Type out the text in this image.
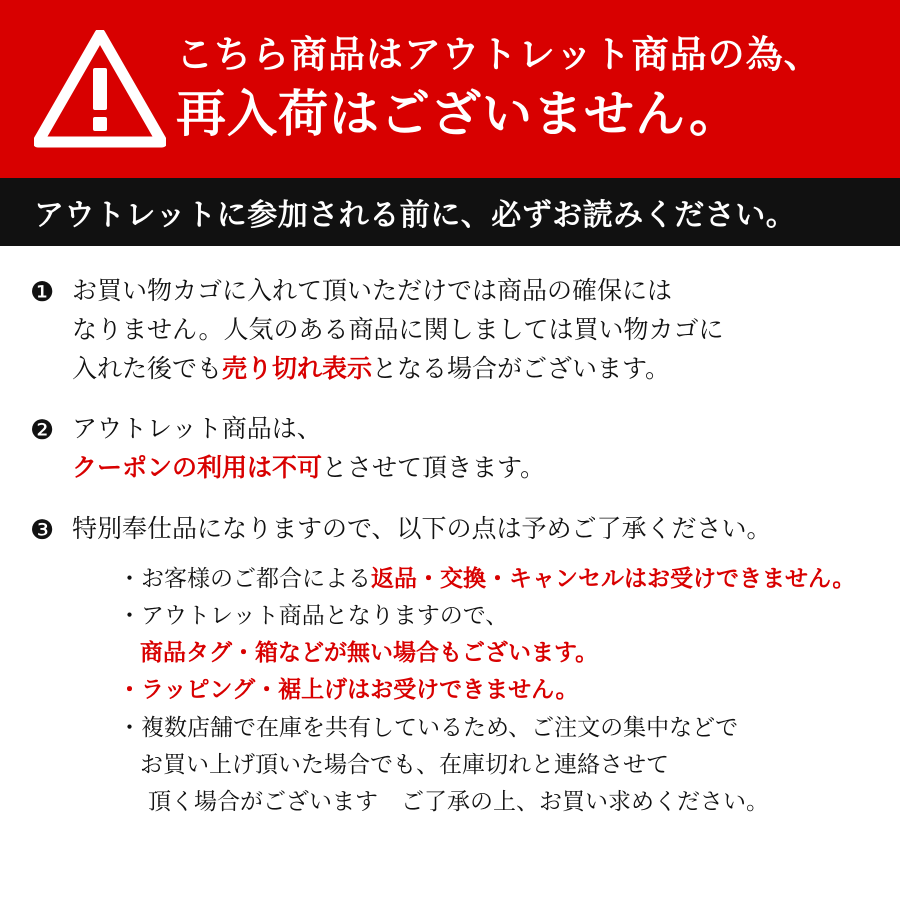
こちら商品はアウトレット商品の為、
再入荷はございません。
アウトレットに参加される前に、必ずお読みください。
❶ お買い物カゴに入れて頂いただけでは商品の確保には

なりません。人気のある商品に関しましては買い物カゴに

入れた後でも売り切れ表示となる場合がございます。

❷ アウトレット商品は、

クーポンの利用は不可とさせて頂きます。

❸ 特別奉仕品になりますので、以下の点は予めご了承ください。

・お客様のご都合による返品・交換・キャンセルはお受けできません。

・アウトレット商品となりますので、

商品タグ・箱などが無い場合もございます。

・ラッピング・裾上げはお受けできません。

・複数店舗で在庫を共有しているため、ご注文の集中などで

お買い上げ頂いた場合でも、在庫切れと連絡させて

頂く場合がございます　ご了承の上、お買い求めください。
